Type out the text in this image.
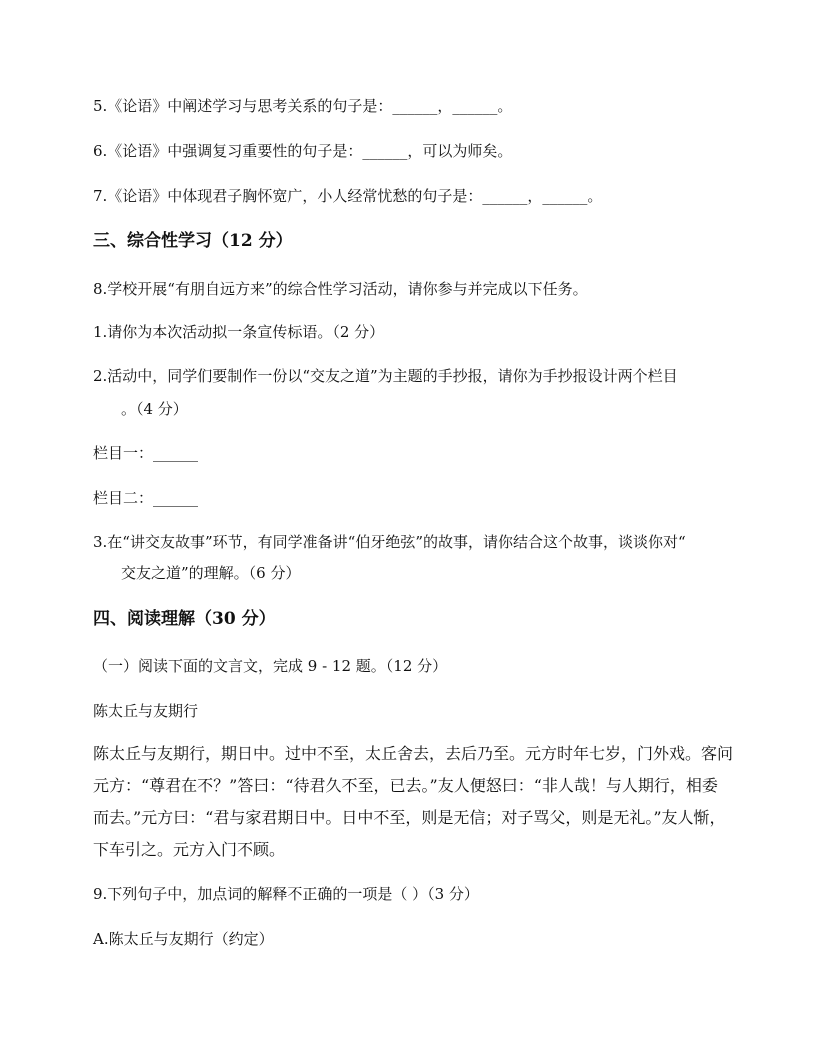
5.《论语》中阐述学习与思考关系的句子是：______，______。
6.《论语》中强调复习重要性的句子是：______，可以为师矣。
7.《论语》中体现君子胸怀宽广，小人经常忧愁的句子是：______，______。
三、综合性学习（12 分）
8.学校开展“有朋自远方来”的综合性学习活动，请你参与并完成以下任务。
1.请你为本次活动拟一条宣传标语。（2 分）
2.活动中，同学们要制作一份以“交友之道”为主题的手抄报，请你为手抄报设计两个栏目
。（4 分）
栏目一：______
栏目二：______
3.在“讲交友故事”环节，有同学准备讲“伯牙绝弦”的故事，请你结合这个故事，谈谈你对“
交友之道”的理解。（6 分）
四、阅读理解（30 分）
（一）阅读下面的文言文，完成 9 - 12 题。（12 分）
陈太丘与友期行
陈太丘与友期行，期日中。过中不至，太丘舍去，去后乃至。元方时年七岁，门外戏。客问元方：“尊君在不？”答曰：“待君久不至，已去。”友人便怒曰：“非人哉！与人期行，相委而去。”元方曰：“君与家君期日中。日中不至，则是无信；对子骂父，则是无礼。”友人惭，下车引之。元方入门不顾。
9.下列句子中，加点词的解释不正确的一项是（ ）（3 分）
A.陈太丘与友期行（约定）
